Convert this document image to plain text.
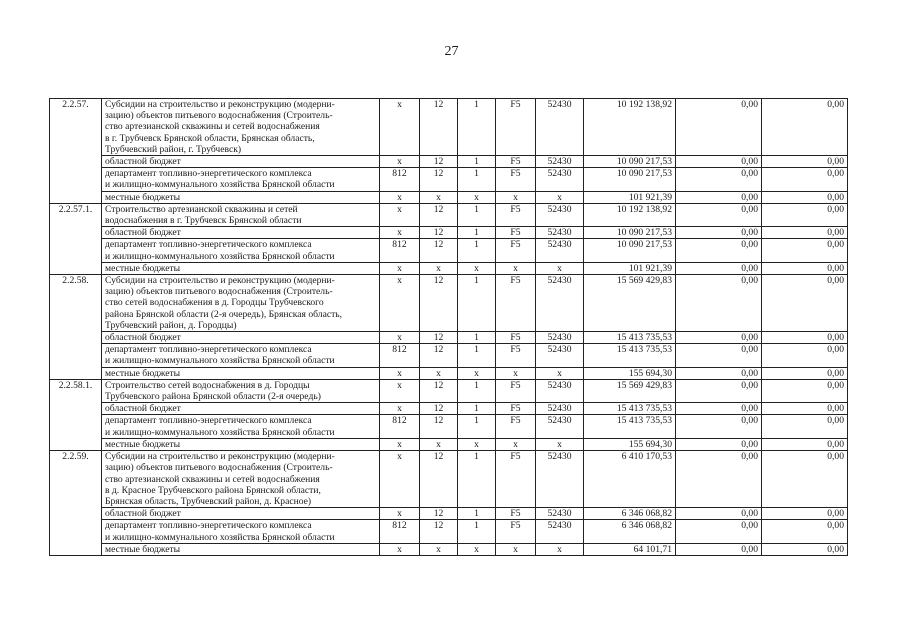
27
2.2.57.	Субсидии на строительство и реконструкцию (модерни-
зацию) объектов питьевого водоснабжения (Строитель-
ство артезианской скважины и сетей водоснабжения
в г. Трубчевск Брянской области, Брянская область,
Трубчевский район, г. Трубчевск)	x	12	1	F5	52430	10 192 138,92	0,00	0,00
	областной бюджет	x	12	1	F5	52430	10 090 217,53	0,00	0,00
	департамент топливно-энергетического комплекса
и жилищно-коммунального хозяйства Брянской области	812	12	1	F5	52430	10 090 217,53	0,00	0,00
	местные бюджеты	x	x	x	x	x	101 921,39	0,00	0,00
2.2.57.1.	Строительство артезианской скважины и сетей
водоснабжения в г. Трубчевск Брянской области	x	12	1	F5	52430	10 192 138,92	0,00	0,00
	областной бюджет	x	12	1	F5	52430	10 090 217,53	0,00	0,00
	департамент топливно-энергетического комплекса
и жилищно-коммунального хозяйства Брянской области	812	12	1	F5	52430	10 090 217,53	0,00	0,00
	местные бюджеты	x	x	x	x	x	101 921,39	0,00	0,00
2.2.58.	Субсидии на строительство и реконструкцию (модерни-
зацию) объектов питьевого водоснабжения (Строитель-
ство сетей водоснабжения в д. Городцы Трубчевского
района Брянской области (2-я очередь), Брянская область,
Трубчевский район, д. Городцы)	x	12	1	F5	52430	15 569 429,83	0,00	0,00
	областной бюджет	x	12	1	F5	52430	15 413 735,53	0,00	0,00
	департамент топливно-энергетического комплекса
и жилищно-коммунального хозяйства Брянской области	812	12	1	F5	52430	15 413 735,53	0,00	0,00
	местные бюджеты	x	x	x	x	x	155 694,30	0,00	0,00
2.2.58.1.	Строительство сетей водоснабжения в д. Городцы
Трубчевского района Брянской области (2-я очередь)	x	12	1	F5	52430	15 569 429,83	0,00	0,00
	областной бюджет	x	12	1	F5	52430	15 413 735,53	0,00	0,00
	департамент топливно-энергетического комплекса
и жилищно-коммунального хозяйства Брянской области	812	12	1	F5	52430	15 413 735,53	0,00	0,00
	местные бюджеты	x	x	x	x	x	155 694,30	0,00	0,00
2.2.59.	Субсидии на строительство и реконструкцию (модерни-
зацию) объектов питьевого водоснабжения (Строитель-
ство артезианской скважины и сетей водоснабжения
в д. Красное Трубчевского района Брянской области,
Брянская область, Трубчевский район, д. Красное)	x	12	1	F5	52430	6 410 170,53	0,00	0,00
	областной бюджет	x	12	1	F5	52430	6 346 068,82	0,00	0,00
	департамент топливно-энергетического комплекса
и жилищно-коммунального хозяйства Брянской области	812	12	1	F5	52430	6 346 068,82	0,00	0,00
	местные бюджеты	x	x	x	x	x	64 101,71	0,00	0,00
